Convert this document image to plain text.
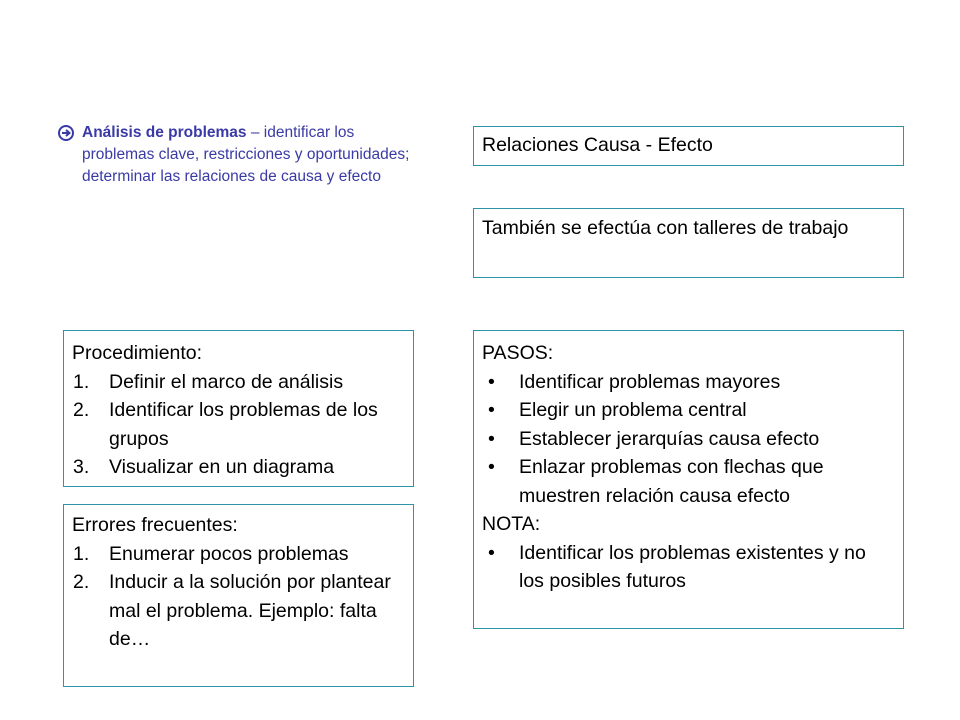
Análisis de problemas – identificar los problemas clave, restricciones y oportunidades; determinar las relaciones de causa y efecto
Relaciones Causa - Efecto
También se efectúa con talleres de trabajo
Procedimiento:
1.	Definir el marco de análisis
2.	Identificar los problemas de los grupos
3.	Visualizar en un diagrama
PASOS:
•	Identificar problemas mayores
•	Elegir un problema central
•	Establecer jerarquías causa efecto
•	Enlazar problemas con flechas que muestren relación causa efecto
NOTA:
•	Identificar los problemas existentes y no los posibles futuros
Errores frecuentes:
1.	Enumerar pocos problemas
2.	Inducir a la solución por plantear mal el problema. Ejemplo: falta de…
